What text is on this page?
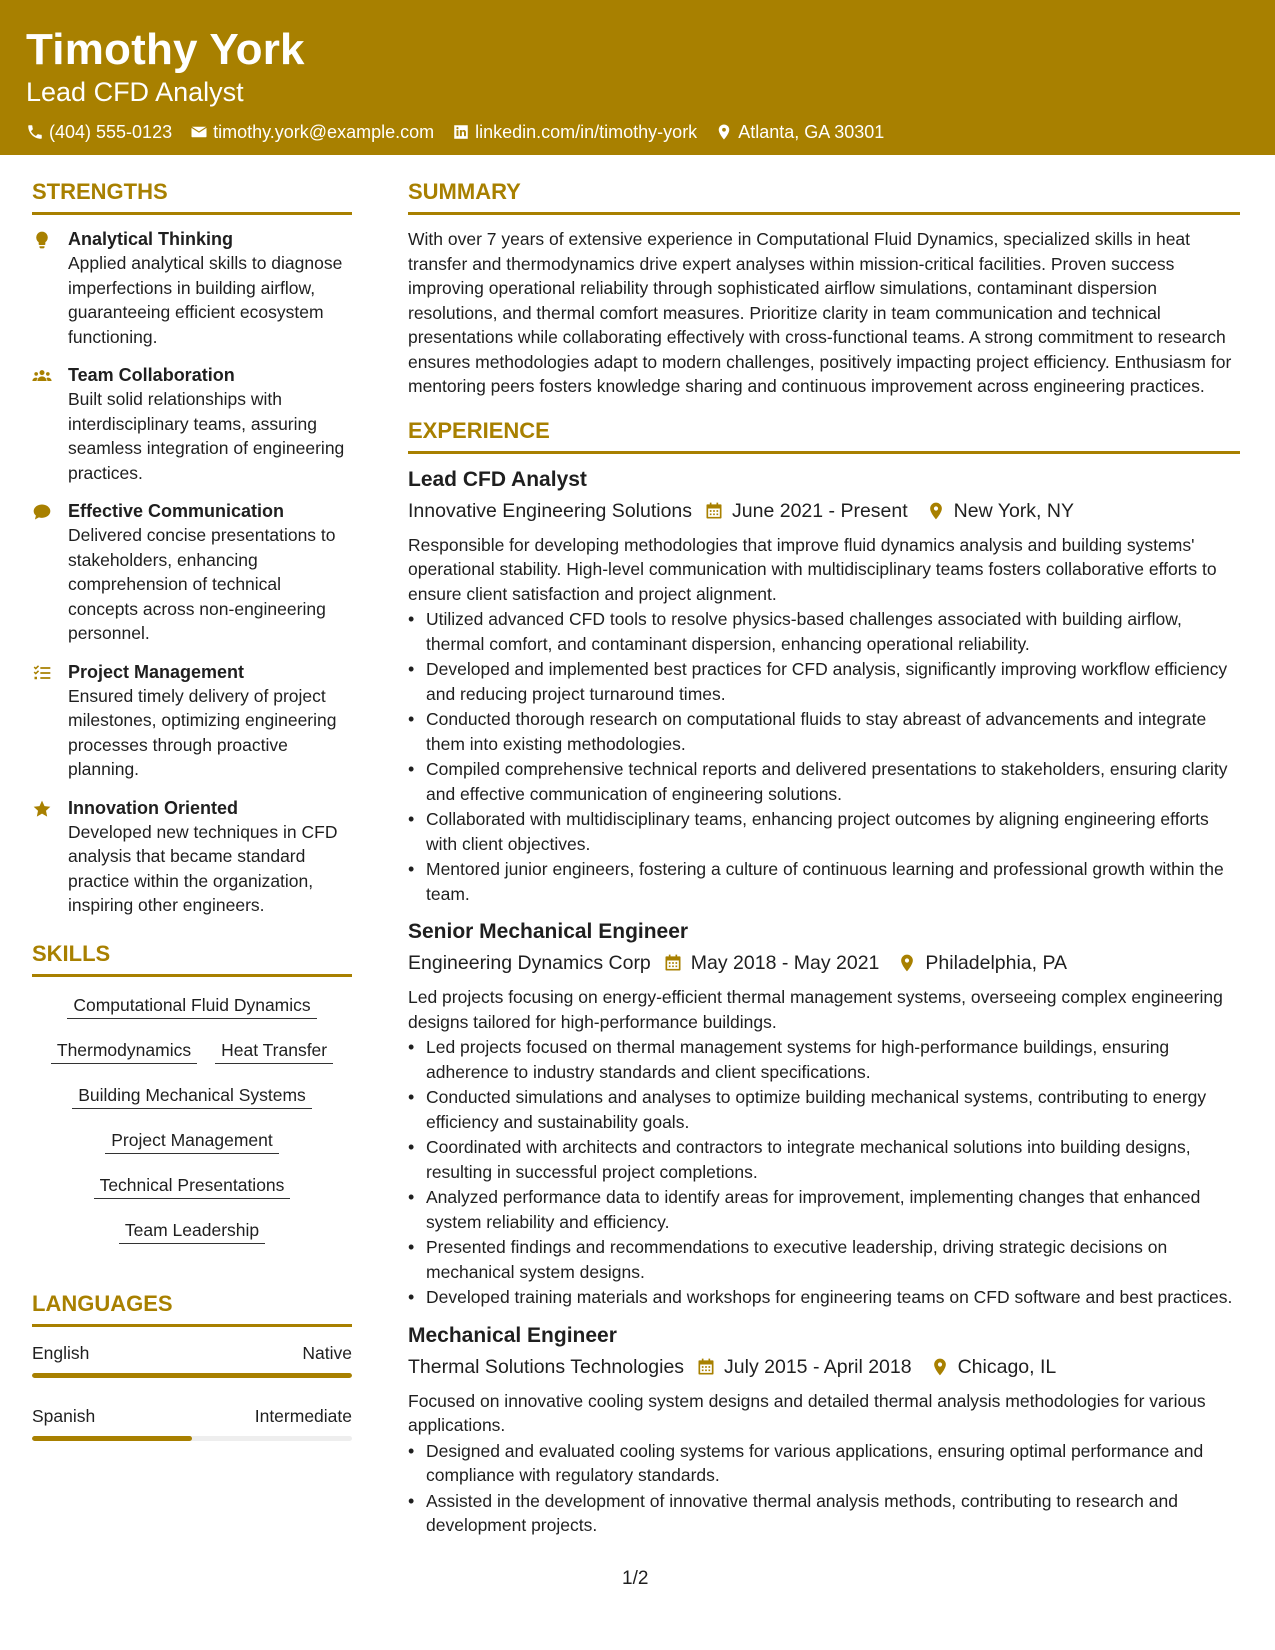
Timothy York
Lead CFD Analyst
(404) 555-0123 timothy.york@example.com linkedin.com/in/timothy-york Atlanta, GA 30301
STRENGTHS
Analytical Thinking
Applied analytical skills to diagnose imperfections in building airflow, guaranteeing efficient ecosystem functioning.
Team Collaboration
Built solid relationships with interdisciplinary teams, assuring seamless integration of engineering practices.
Effective Communication
Delivered concise presentations to stakeholders, enhancing comprehension of technical concepts across non-engineering personnel.
Project Management
Ensured timely delivery of project milestones, optimizing engineering processes through proactive planning.
Innovation Oriented
Developed new techniques in CFD analysis that became standard practice within the organization, inspiring other engineers.
SKILLS
Computational Fluid Dynamics
Thermodynamics	Heat Transfer
Building Mechanical Systems
Project Management
Technical Presentations
Team Leadership
LANGUAGES
English	Native
Spanish	Intermediate
SUMMARY
With over 7 years of extensive experience in Computational Fluid Dynamics, specialized skills in heat transfer and thermodynamics drive expert analyses within mission-critical facilities. Proven success improving operational reliability through sophisticated airflow simulations, contaminant dispersion resolutions, and thermal comfort measures. Prioritize clarity in team communication and technical presentations while collaborating effectively with cross-functional teams. A strong commitment to research ensures methodologies adapt to modern challenges, positively impacting project efficiency. Enthusiasm for mentoring peers fosters knowledge sharing and continuous improvement across engineering practices.
EXPERIENCE
Lead CFD Analyst
Innovative Engineering Solutions June 2021 - Present New York, NY
Responsible for developing methodologies that improve fluid dynamics analysis and building systems' operational stability. High-level communication with multidisciplinary teams fosters collaborative efforts to ensure client satisfaction and project alignment.
• Utilized advanced CFD tools to resolve physics-based challenges associated with building airflow, thermal comfort, and contaminant dispersion, enhancing operational reliability.
• Developed and implemented best practices for CFD analysis, significantly improving workflow efficiency and reducing project turnaround times.
• Conducted thorough research on computational fluids to stay abreast of advancements and integrate them into existing methodologies.
• Compiled comprehensive technical reports and delivered presentations to stakeholders, ensuring clarity and effective communication of engineering solutions.
• Collaborated with multidisciplinary teams, enhancing project outcomes by aligning engineering efforts with client objectives.
• Mentored junior engineers, fostering a culture of continuous learning and professional growth within the team.
Senior Mechanical Engineer
Engineering Dynamics Corp May 2018 - May 2021 Philadelphia, PA
Led projects focusing on energy-efficient thermal management systems, overseeing complex engineering designs tailored for high-performance buildings.
• Led projects focused on thermal management systems for high-performance buildings, ensuring adherence to industry standards and client specifications.
• Conducted simulations and analyses to optimize building mechanical systems, contributing to energy efficiency and sustainability goals.
• Coordinated with architects and contractors to integrate mechanical solutions into building designs, resulting in successful project completions.
• Analyzed performance data to identify areas for improvement, implementing changes that enhanced system reliability and efficiency.
• Presented findings and recommendations to executive leadership, driving strategic decisions on mechanical system designs.
• Developed training materials and workshops for engineering teams on CFD software and best practices.
Mechanical Engineer
Thermal Solutions Technologies July 2015 - April 2018 Chicago, IL
Focused on innovative cooling system designs and detailed thermal analysis methodologies for various applications.
• Designed and evaluated cooling systems for various applications, ensuring optimal performance and compliance with regulatory standards.
• Assisted in the development of innovative thermal analysis methods, contributing to research and development projects.
1/2
